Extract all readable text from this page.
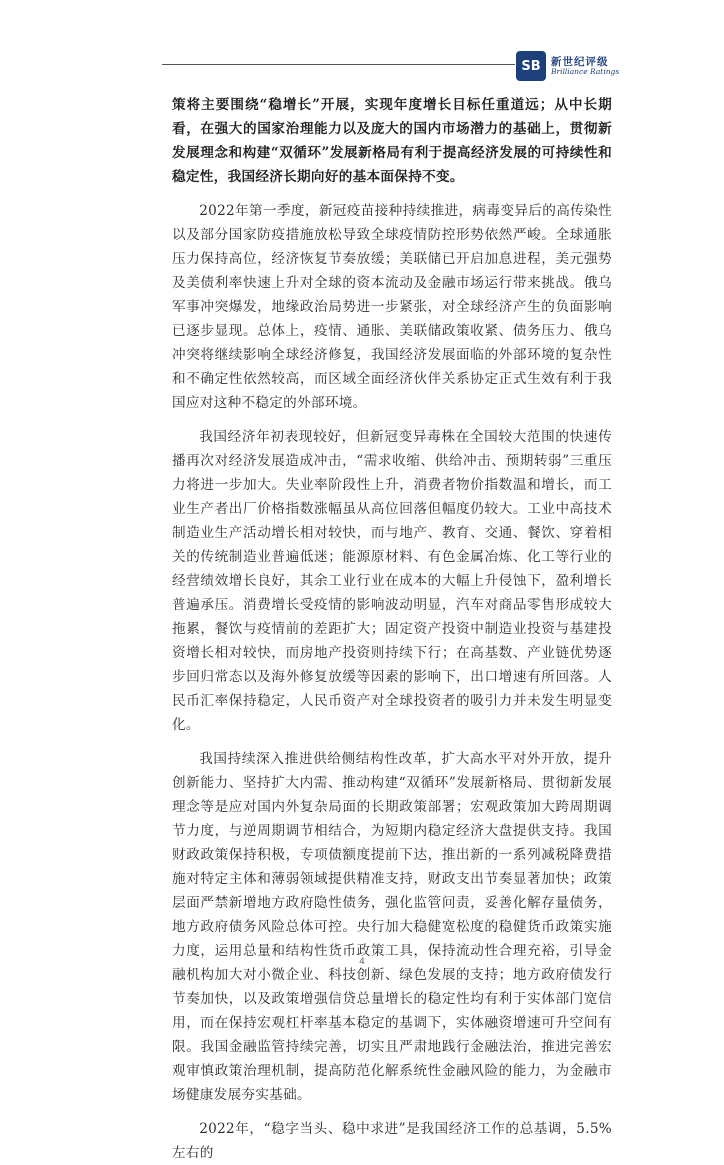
SB 新世纪评级
Brilliance Ratings

策将主要围绕“稳增长”开展，实现年度增长目标任重道远；从中长期看，在强大的国家治理能力以及庞大的国内市场潜力的基础上，贯彻新发展理念和构建“双循环”发展新格局有利于提高经济发展的可持续性和稳定性，我国经济长期向好的基本面保持不变。

2022年第一季度，新冠疫苗接种持续推进，病毒变异后的高传染性以及部分国家防疫措施放松导致全球疫情防控形势依然严峻。全球通胀压力保持高位，经济恢复节奏放缓；美联储已开启加息进程，美元强势及美债利率快速上升对全球的资本流动及金融市场运行带来挑战。俄乌军事冲突爆发，地缘政治局势进一步紧张，对全球经济产生的负面影响已逐步显现。总体上，疫情、通胀、美联储政策收紧、债务压力、俄乌冲突将继续影响全球经济修复，我国经济发展面临的外部环境的复杂性和不确定性依然较高，而区域全面经济伙伴关系协定正式生效有利于我国应对这种不稳定的外部环境。

我国经济年初表现较好，但新冠变异毒株在全国较大范围的快速传播再次对经济发展造成冲击，“需求收缩、供给冲击、预期转弱”三重压力将进一步加大。失业率阶段性上升，消费者物价指数温和增长，而工业生产者出厂价格指数涨幅虽从高位回落但幅度仍较大。工业中高技术制造业生产活动增长相对较快，而与地产、教育、交通、餐饮、穿着相关的传统制造业普遍低迷；能源原材料、有色金属冶炼、化工等行业的经营绩效增长良好，其余工业行业在成本的大幅上升侵蚀下，盈利增长普遍承压。消费增长受疫情的影响波动明显，汽车对商品零售形成较大拖累，餐饮与疫情前的差距扩大；固定资产投资中制造业投资与基建投资增长相对较快，而房地产投资则持续下行；在高基数、产业链优势逐步回归常态以及海外修复放缓等因素的影响下，出口增速有所回落。人民币汇率保持稳定，人民币资产对全球投资者的吸引力并未发生明显变化。

我国持续深入推进供给侧结构性改革，扩大高水平对外开放，提升创新能力、坚持扩大内需、推动构建“双循环”发展新格局、贯彻新发展理念等是应对国内外复杂局面的长期政策部署；宏观政策加大跨周期调节力度，与逆周期调节相结合，为短期内稳定经济大盘提供支持。我国财政政策保持积极，专项债额度提前下达，推出新的一系列减税降费措施对特定主体和薄弱领域提供精准支持，财政支出节奏显著加快；政策层面严禁新增地方政府隐性债务，强化监管问责，妥善化解存量债务，地方政府债务风险总体可控。央行加大稳健宽松度的稳健货币政策实施力度，运用总量和结构性货币政策工具，保持流动性合理充裕，引导金融机构加大对小微企业、科技创新、绿色发展的支持；地方政府债发行节奏加快，以及政策增强信贷总量增长的稳定性均有利于实体部门宽信用，而在保持宏观杠杆率基本稳定的基调下，实体融资增速可升空间有限。我国金融监管持续完善，切实且严肃地践行金融法治，推进完善宏观审慎政策治理机制，提高防范化解系统性金融风险的能力，为金融市场健康发展夯实基础。

2022年，“稳字当头、稳中求进”是我国经济工作的总基调，5.5%左右的

4
